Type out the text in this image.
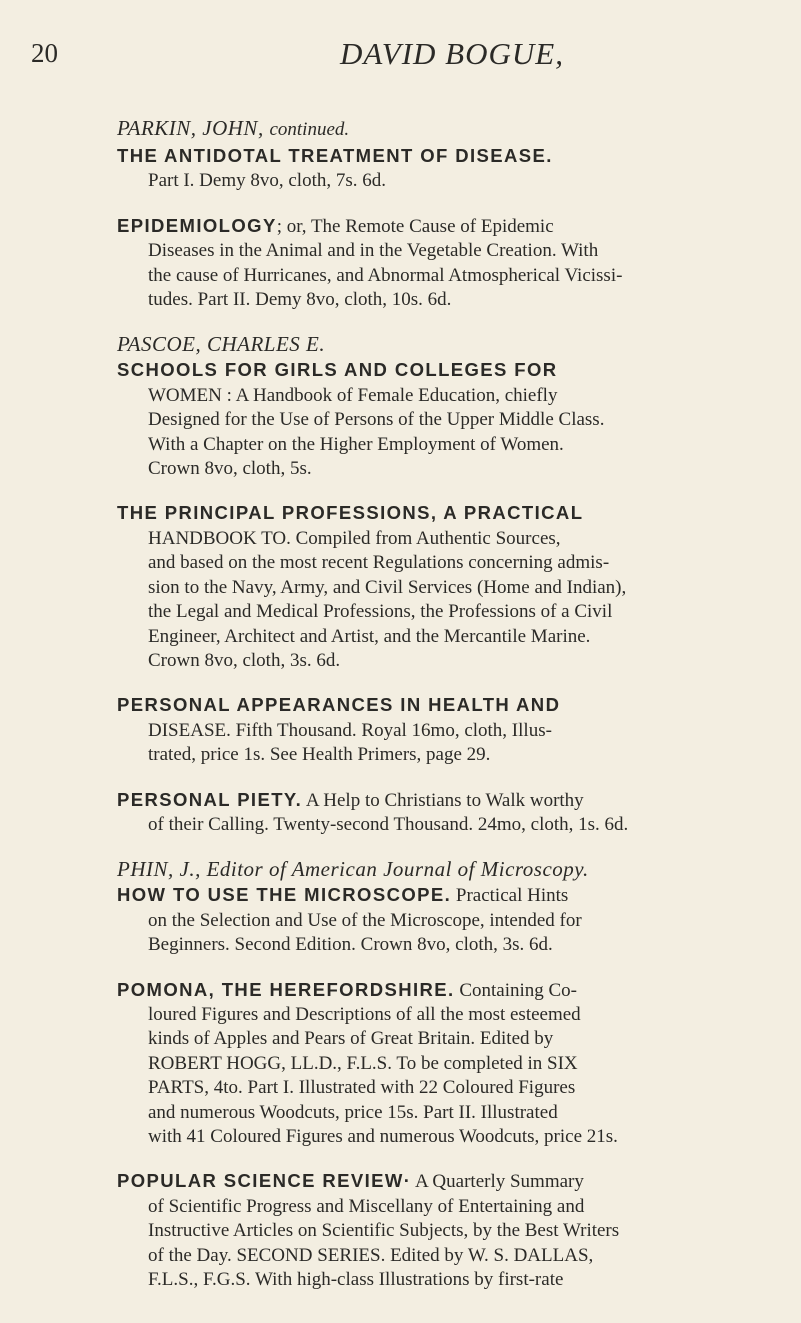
20	DAVID BOGUE,

PARKIN, JOHN, continued.

THE ANTIDOTAL TREATMENT OF DISEASE.

Part I. Demy 8vo, cloth, 7s. 6d.

EPIDEMIOLOGY; or, The Remote Cause of Epidemic

Diseases in the Animal and in the Vegetable Creation. With

the cause of Hurricanes, and Abnormal Atmospherical Vicissi-

tudes. Part II. Demy 8vo, cloth, 10s. 6d.

PASCOE, CHARLES E.

SCHOOLS FOR GIRLS AND COLLEGES FOR

WOMEN : A Handbook of Female Education, chiefly

Designed for the Use of Persons of the Upper Middle Class.

With a Chapter on the Higher Employment of Women.

Crown 8vo, cloth, 5s.

THE PRINCIPAL PROFESSIONS, A PRACTICAL

HANDBOOK TO. Compiled from Authentic Sources,

and based on the most recent Regulations concerning admis-

sion to the Navy, Army, and Civil Services (Home and Indian),

the Legal and Medical Professions, the Professions of a Civil

Engineer, Architect and Artist, and the Mercantile Marine.

Crown 8vo, cloth, 3s. 6d.

PERSONAL APPEARANCES IN HEALTH AND

DISEASE. Fifth Thousand. Royal 16mo, cloth, Illus-

trated, price 1s. See Health Primers, page 29.

PERSONAL PIETY. A Help to Christians to Walk worthy

of their Calling. Twenty-second Thousand. 24mo, cloth, 1s. 6d.

PHIN, J., Editor of American Journal of Microscopy.

HOW TO USE THE MICROSCOPE. Practical Hints

on the Selection and Use of the Microscope, intended for

Beginners. Second Edition. Crown 8vo, cloth, 3s. 6d.

POMONA, THE HEREFORDSHIRE. Containing Co-

loured Figures and Descriptions of all the most esteemed

kinds of Apples and Pears of Great Britain. Edited by

ROBERT HOGG, LL.D., F.L.S. To be completed in SIX

PARTS, 4to. Part I. Illustrated with 22 Coloured Figures

and numerous Woodcuts, price 15s. Part II. Illustrated

with 41 Coloured Figures and numerous Woodcuts, price 21s.

POPULAR SCIENCE REVIEW· A Quarterly Summary

of Scientific Progress and Miscellany of Entertaining and

Instructive Articles on Scientific Subjects, by the Best Writers

of the Day. SECOND SERIES. Edited by W. S. DALLAS,

F.L.S., F.G.S. With high-class Illustrations by first-rate
